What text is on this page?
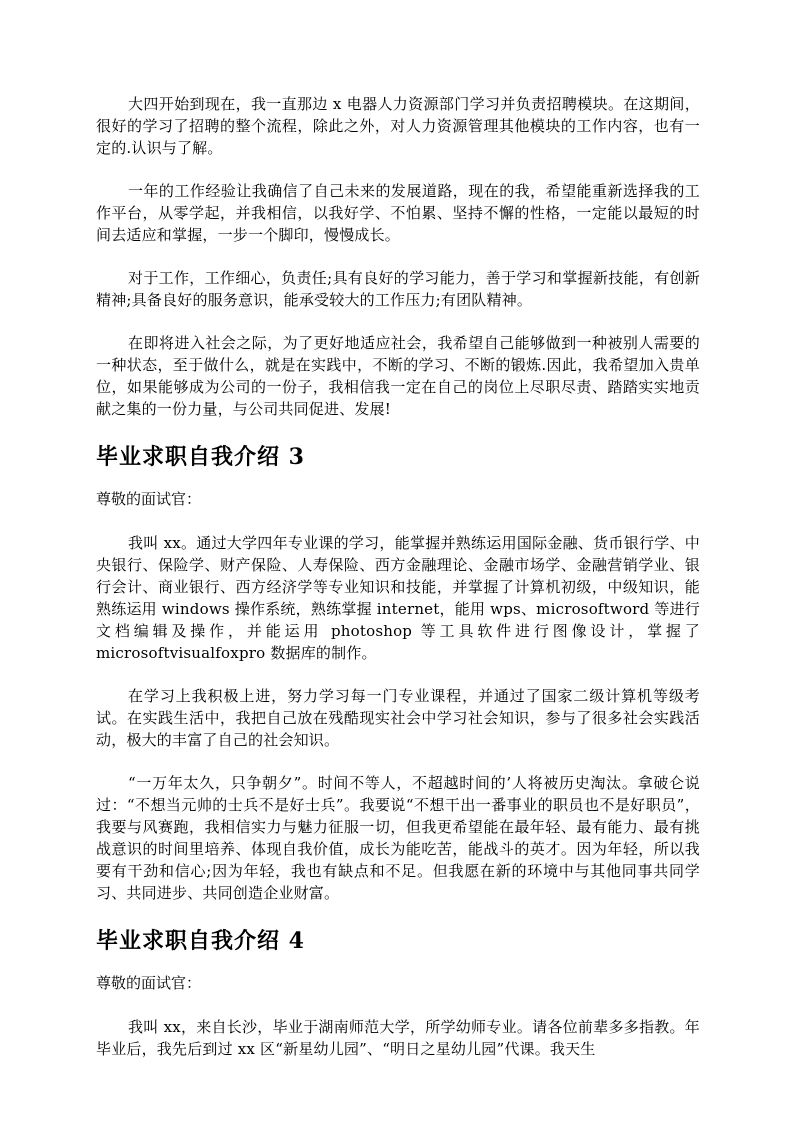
大四开始到现在，我一直那边 x 电器人力资源部门学习并负责招聘模块。在这期间，很好的学习了招聘的整个流程，除此之外，对人力资源管理其他模块的工作内容，也有一定的.认识与了解。

一年的工作经验让我确信了自己未来的发展道路，现在的我，希望能重新选择我的工作平台，从零学起，并我相信，以我好学、不怕累、坚持不懈的性格，一定能以最短的时间去适应和掌握，一步一个脚印，慢慢成长。

对于工作，工作细心，负责任;具有良好的学习能力，善于学习和掌握新技能，有创新精神;具备良好的服务意识，能承受较大的工作压力;有团队精神。

在即将进入社会之际，为了更好地适应社会，我希望自己能够做到一种被别人需要的一种状态，至于做什么，就是在实践中，不断的学习、不断的锻炼.因此，我希望加入贵单位，如果能够成为公司的一份子，我相信我一定在自己的岗位上尽职尽责、踏踏实实地贡献之集的一份力量，与公司共同促进、发展!

毕业求职自我介绍 3

尊敬的面试官：

我叫 xx。通过大学四年专业课的学习，能掌握并熟练运用国际金融、货币银行学、中央银行、保险学、财产保险、人寿保险、西方金融理论、金融市场学、金融营销学业、银行会计、商业银行、西方经济学等专业知识和技能，并掌握了计算机初级，中级知识，能熟练运用 windows 操作系统，熟练掌握 internet，能用 wps、microsoftword 等进行文档编辑及操作，并能运用 photoshop 等工具软件进行图像设计，掌握了 microsoftvisualfoxpro 数据库的制作。

在学习上我积极上进，努力学习每一门专业课程，并通过了国家二级计算机等级考试。在实践生活中，我把自己放在残酷现实社会中学习社会知识，参与了很多社会实践活动，极大的丰富了自己的社会知识。

“一万年太久，只争朝夕”。时间不等人，不超越时间的’人将被历史淘汰。拿破仑说过：“不想当元帅的士兵不是好士兵”。我要说“不想干出一番事业的职员也不是好职员”，我要与风赛跑，我相信实力与魅力征服一切，但我更希望能在最年轻、最有能力、最有挑战意识的时间里培养、体现自我价值，成长为能吃苦，能战斗的英才。因为年轻，所以我要有干劲和信心;因为年轻，我也有缺点和不足。但我愿在新的环境中与其他同事共同学习、共同进步、共同创造企业财富。

毕业求职自我介绍 4

尊敬的面试官：

我叫 xx，来自长沙，毕业于湖南师范大学，所学幼师专业。请各位前辈多多指教。年毕业后，我先后到过 xx 区“新星幼儿园”、“明日之星幼儿园”代课。我天生
